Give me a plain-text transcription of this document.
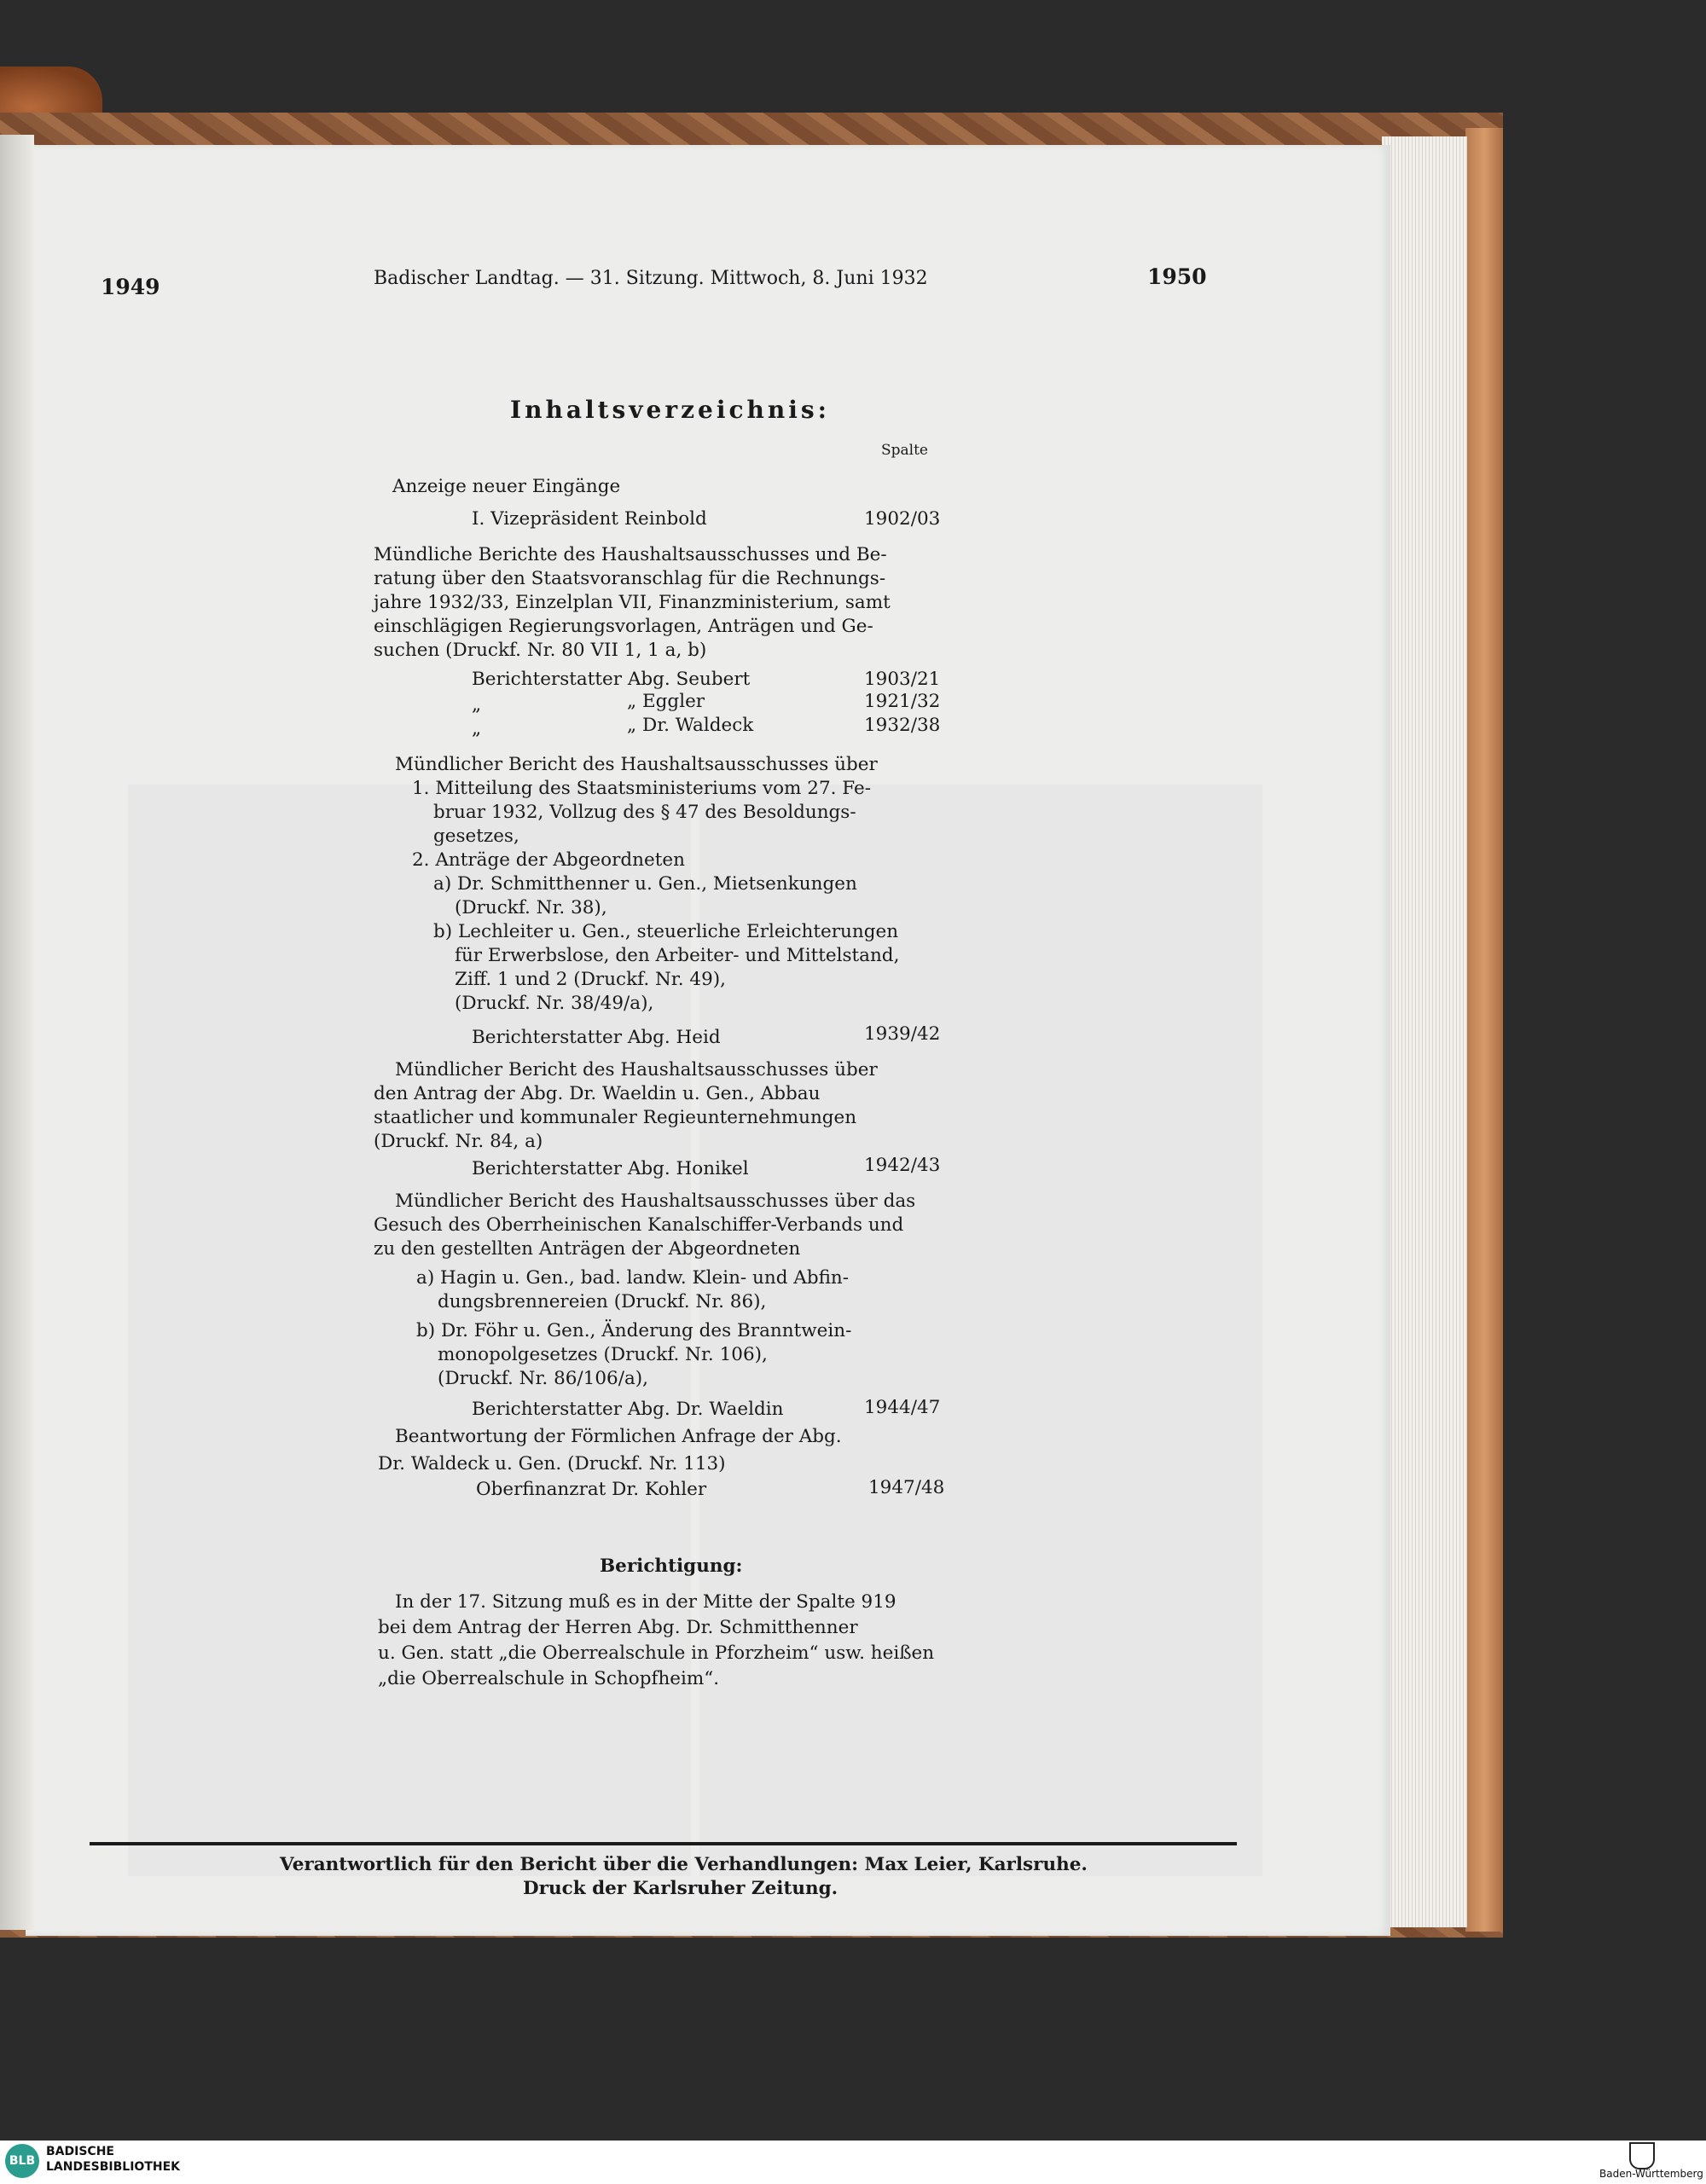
1949	Badischer Landtag. — 31. Sitzung. Mittwoch, 8. Juni 1932	1950
Inhaltsverzeichnis:
Spalte
Anzeige neuer Eingänge
I. Vizepräsident Reinbold	1902/03
Mündliche Berichte des Haushaltsausschusses und Be-
ratung über den Staatsvoranschlag für die Rechnungs-
jahre 1932/33, Einzelplan VII, Finanzministerium, samt
einschlägigen Regierungsvorlagen, Anträgen und Ge-
suchen (Druckf. Nr. 80 VII 1, 1 a, b)
Berichterstatter Abg. Seubert	1903/21
„	„ Eggler	1921/32
„	„ Dr. Waldeck	1932/38
Mündlicher Bericht des Haushaltsausschusses über
1. Mitteilung des Staatsministeriums vom 27. Fe-
bruar 1932, Vollzug des § 47 des Besoldungs-
gesetzes,
2. Anträge der Abgeordneten
a) Dr. Schmitthenner u. Gen., Mietsenkungen
(Druckf. Nr. 38),
b) Lechleiter u. Gen., steuerliche Erleichterungen
für Erwerbslose, den Arbeiter- und Mittelstand,
Ziff. 1 und 2 (Druckf. Nr. 49),
(Druckf. Nr. 38/49/a),
Berichterstatter Abg. Heid	1939/42
Mündlicher Bericht des Haushaltsausschusses über
den Antrag der Abg. Dr. Waeldin u. Gen., Abbau
staatlicher und kommunaler Regieunternehmungen
(Druckf. Nr. 84, a)
Berichterstatter Abg. Honikel	1942/43
Mündlicher Bericht des Haushaltsausschusses über das
Gesuch des Oberrheinischen Kanalschiffer-Verbands und
zu den gestellten Anträgen der Abgeordneten
a) Hagin u. Gen., bad. landw. Klein- und Abfin-
dungsbrennereien (Druckf. Nr. 86),
b) Dr. Föhr u. Gen., Änderung des Branntwein-
monopolgesetzes (Druckf. Nr. 106),
(Druckf. Nr. 86/106/a),
Berichterstatter Abg. Dr. Waeldin	1944/47
Beantwortung der Förmlichen Anfrage der Abg.
Dr. Waldeck u. Gen. (Druckf. Nr. 113)
Oberfinanzrat Dr. Kohler	1947/48
Berichtigung:
In der 17. Sitzung muß es in der Mitte der Spalte 919
bei dem Antrag der Herren Abg. Dr. Schmitthenner
u. Gen. statt „die Oberrealschule in Pforzheim“ usw. heißen
„die Oberrealschule in Schopfheim“.
Verantwortlich für den Bericht über die Verhandlungen: Max Leier, Karlsruhe.
Druck der Karlsruher Zeitung.
BLB
BADISCHE
LANDESBIBLIOTHEK	Baden-Württemberg
